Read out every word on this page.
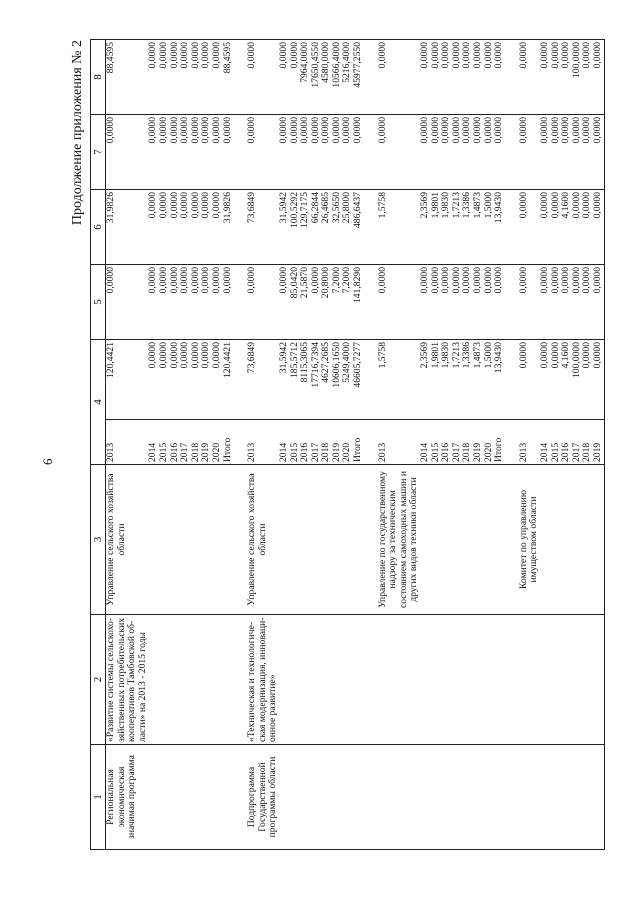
6
Продолжение приложения № 2
1	2	3	4		5	6	7	8
Региональная экономическая значимая программа	«Развитие системы сельскохо-зяйственных потребительских кооперативов Тамбовской об-ласти» на 2013 - 2015 годы	Управление сельского хозяйства области	2013	120,4421	0,0000	31,9826	0,0000	88,4595
			2014	0,0000	0,0000	0,0000	0,0000	0,0000
			2015	0,0000	0,0000	0,0000	0,0000	0,0000
			2016	0,0000	0,0000	0,0000	0,0000	0,0000
			2017	0,0000	0,0000	0,0000	0,0000	0,0000
			2018	0,0000	0,0000	0,0000	0,0000	0,0000
			2019	0,0000	0,0000	0,0000	0,0000	0,0000
			2020	0,0000	0,0000	0,0000	0,0000	0,0000
			Итого	120,4421	0,0000	31,9826	0,0000	88,4595

Подпрограмма Государственной программы области	«Техническая и технологиче-ская модернизация, инноваци-онное развитие»	Управление сельского хозяйства области	2013	73,6849	0,0000	73,6849	0,0000	0,0000
			2014	31,5942	0,0000	31,5942	0,0000	0,0000
			2015	185,5712	85,0420	100,5292	0,0000	0,0000
			2016	8115,3065	21,5870	129,7175	0,0000	7964,0000
			2017	17716,7394	0,0000	66,2844	0,0000	17650,4550
			2018	4627,2685	20,8000	26,4685	0,0000	4580,0000
			2019	10606,1650	7,2000	32,5650	0,0000	10566,4000
			2020	5249,4000	7,2000	25,8000	0,0000	5216,4000
			Итого	46605,7277	141,8290	486,6437	0,0000	45977,2550

		Управление по государственному надзору за техническим состоянием самоходных машин и других видов техники области	2013	1,5758	0,0000	1,5758	0,0000	0,0000
			2014	2,3569	0,0000	2,3569	0,0000	0,0000
			2015	1,9801	0,0000	1,9801	0,0000	0,0000
			2016	1,9830	0,0000	1,9830	0,0000	0,0000
			2017	1,7213	0,0000	1,7213	0,0000	0,0000
			2018	1,3386	0,0000	1,3386	0,0000	0,0000
			2019	1,4873	0,0000	1,4873	0,0000	0,0000
			2020	1,5000	0,0000	1,5000	0,0000	0,0000
			Итого	13,9430	0,0000	13,9430	0,0000	0,0000

		Комитет по управлению имуществом области	2013	0,0000	0,0000	0,0000	0,0000	0,0000
			2014	0,0000	0,0000	0,0000	0,0000	0,0000
			2015	0,0000	0,0000	0,0000	0,0000	0,0000
			2016	4,1600	0,0000	4,1600	0,0000	0,0000
			2017	100,0000	0,0000	0,0000	0,0000	100,0000
			2018	0,0000	0,0000	0,0000	0,0000	0,0000
			2019	0,0000	0,0000	0,0000	0,0000	0,0000
